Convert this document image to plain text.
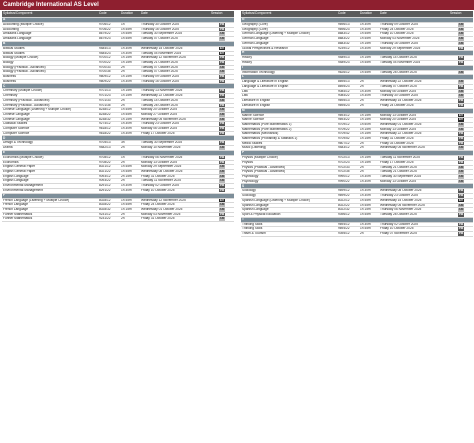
Cambridge International AS Level
Syllabus/Component	Code	Duration	Date	Session
A				
Accounting (Multiple Choice)	9706/12	1h	Thursday 30 October 2025	PM
Accounting	9706/22	1h 45m	Thursday 16 October 2025	PM
Afrikaans Language	8679/22	1h 45m	Tuesday 30 September 2025	AM
Afrikaans Language	8679/23	1h 45m	Tuesday 07 October 2025	AM
B				
Biblical Studies	9484/13	1h 30m	Wednesday 15 October 2025	EV
Biblical Studies	9484/23	1h 30m	Tuesday 04 November 2025	EV
Biology (Multiple Choice)	9700/12	1h 15m	Wednesday 12 November 2025	PM
Biology	9700/22	1h 15m	Tuesday 21 October 2025	PM
Biology (Practical - Advanced)	9700/33	2h	Tuesday 07 October 2025	AM
Biology (Practical - Advanced)	9700/35	2h	Tuesday 07 October 2025	AM
Business	9609/12	1h 15m	Thursday 09 October 2025	PM
Business	9609/22	1h 30m	Thursday 16 October 2025	PM
C				
Chemistry (Multiple Choice)	9701/13	1h 15m	Thursday 13 November 2025	PM
Chemistry	9701/23	1h 15m	Wednesday 22 October 2025	PM
Chemistry (Practical - Advanced)	9701/33	2h	Tuesday 14 October 2025	AM
Chemistry (Practical - Advanced)	9701/35	2h	Tuesday 28 October 2025	PM
Chinese Language (Listening + Multiple Choice)	8238/12	1h 45m	Monday 20 October 2025	AM
Chinese Language	8238/22	1h 45m	Monday 27 October 2025	AM
Chinese Language	8238/32	1h 15m	Wednesday 05 November 2025	AM
Classical Studies	9274/12	1h 30m	Thursday 23 October 2025	PM
Computer Science	9618/12	1h 30m	Monday 06 October 2025	PM
Computer Science	9618/22	1h 30m	Friday 17 October 2025	PM
D				
Design & Technology	9705/13	3h	Tuesday 30 September 2025	PM
Drama	9482/13	2h	Monday 10 November 2025	AM
E				
Economics (Multiple Choice)	9708/12	1h	Thursday 06 November 2025	PM
Economics	9708/22	2h	Monday 13 October 2025	PM
English General Paper	8021/12	1h 45m	Monday 29 September 2025	AM
English General Paper	8021/22	1h 45m	Wednesday 08 October 2025	AM
English Language	9093/12	2h 15m	Friday 31 October 2025	AM
English Language	9093/22	2h	Tuesday 11 November 2025	AM
Environmental Management	8291/12	1h 30m	Thursday 02 October 2025	PM
Environmental Management	8291/22	1h 30m	Friday 10 October 2025	PM
F				
French Language (Listening + Multiple Choice)	8028/12	1h 45m	Wednesday 12 November 2025	EV
French Language	8028/22	1h 45m	Friday 24 October 2025	AM
French Language	8028/32	1h 15m	Wednesday 01 October 2025	AM
Further Mathematics	9231/12	2h	Monday 03 November 2025	PM
Further Mathematics	9231/22	2h	Friday 31 October 2025	AM
Syllabus/Component	Code	Duration	Date	Session
G				
Geography (Core)	9696/13	1h 30m	Thursday 09 October 2025	AM
Geography (Core)	9696/23	1h 30m	Friday 24 October 2025	AM
German Language (Listening + Multiple Choice)	8683/12	1h 45m	Friday 10 October 2025	AM
German Language	8683/22	1h 45m	Monday 03 November 2025	AM
German Language	8683/32	1h 15m	Thursday 16 October 2025	AM
Global Perspectives & Research	9239/12	1h 30m	Monday 29 September 2025	PM
H				
History	9489/13	1h 15m	Tuesday 14 October 2025	PM
History	9489/23	1h 45m	Tuesday 04 November 2025	PM
I				
Information Technology	9626/12	1h 45m	Tuesday 28 October 2025	AM
L				
Language & Literature in English	8695/13	2h	Wednesday 22 October 2025	AM
Language & Literature in English	8695/23	2h	Tuesday 07 October 2025	PM
Law	9084/12	1h 30m	Monday 06 October 2025	AM
Law	9084/22	1h 30m	Thursday 30 October 2025	AM
Literature in English	9695/13	2h	Wednesday 15 October 2025	PM
Literature in English	9695/23	2h	Friday 24 October 2025	PM
M				
Marine Science	9693/12	1h 15m	Monday 13 October 2025	EV
Marine Science	9693/22	1h 15m	Monday 20 October 2025	EV
Mathematics (Pure Mathematics 1)	9709/12	1h 50m	Wednesday 01 October 2025	AM
Mathematics (Pure Mathematics 2)	9709/22	1h 15m	Monday 13 October 2025	AM
Mathematics (Mechanics)	9709/42	1h 15m	Wednesday 22 October 2025	PM
Mathematics (Probability & Statistics 1)	9709/52	1h 15m	Friday 31 October 2025	PM
Media Studies	9607/12	2h	Friday 03 October 2025	PM
Music (Listening)	9483/12	2h	Wednesday 05 November 2025	AM
P				
Physics (Multiple Choice)	9702/13	1h 15m	Tuesday 11 November 2025	PM
Physics	9702/23	1h 15m	Friday 17 October 2025	PM
Physics (Practical - Advanced)	9702/33	2h	Tuesday 21 October 2025	AM
Physics (Practical - Advanced)	9702/35	2h	Tuesday 21 October 2025	AM
Psychology	9990/12	1h 30m	Tuesday 30 September 2025	AM
Psychology	9990/22	1h 30m	Monday 13 October 2025	AM
S				
Sociology	9699/12	1h 30m	Wednesday 08 October 2025	PM
Sociology	9699/22	1h 30m	Thursday 23 October 2025	PM
Spanish Language (Listening + Multiple Choice)	8022/12	1h 45m	Wednesday 15 October 2025	EV
Spanish Language	8022/22	1h 45m	Wednesday 05 November 2025	AM
Spanish Language	8022/32	1h 15m	Thursday 06 November 2025	AM
Sport & Physical Education	9396/12	1h 45m	Tuesday 28 October 2025	PM
T				
Thinking Skills	9694/12	1h 30m	Thursday 02 October 2025	PM
Thinking Skills	9694/22	1h 45m	Friday 10 October 2025	PM
Travel & Tourism	9395/12	2h	Friday 07 November 2025	PM
